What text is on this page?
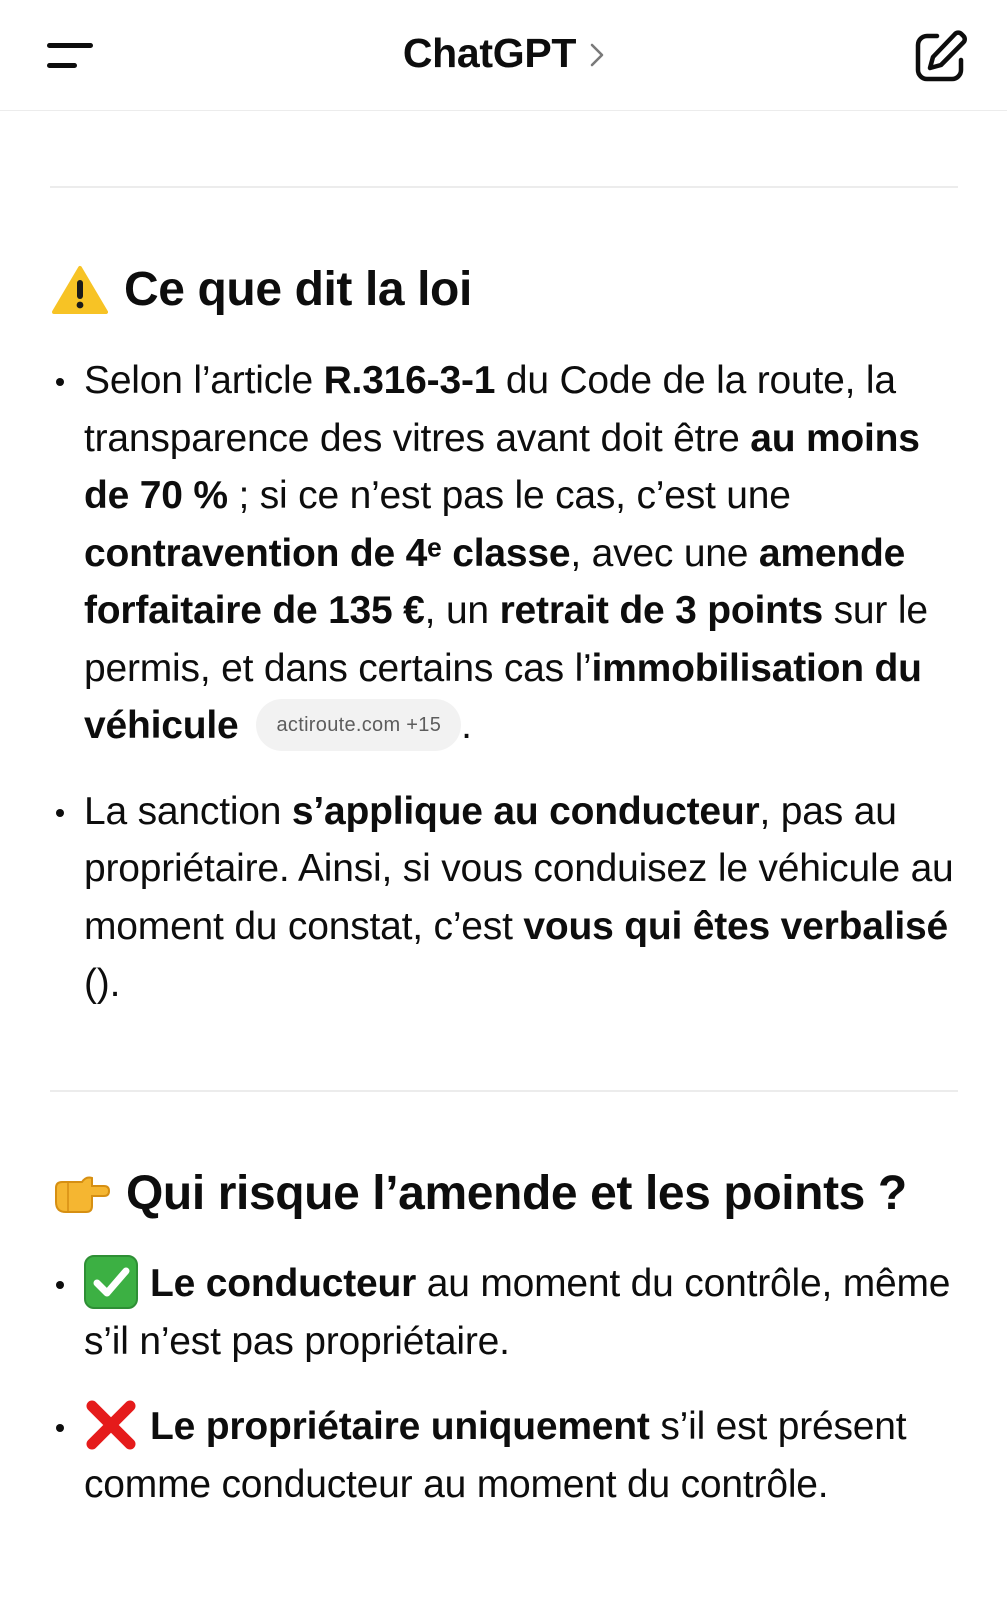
ChatGPT
Ce que dit la loi
Selon l’article R.316-3-1 du Code de la route, la transparence des vitres avant doit être au moins de 70 % ; si ce n’est pas le cas, c’est une contravention de 4ᵉ classe, avec une amende forfaitaire de 135 €, un retrait de 3 points sur le permis, et dans certains cas l’immobilisation du véhicule actiroute.com +15 .
La sanction s’applique au conducteur, pas au propriétaire. Ainsi, si vous conduisez le véhicule au moment du constat, c’est vous qui êtes verbalisé ().
Qui risque l’amende et les points ?
Le conducteur au moment du contrôle, même s’il n’est pas propriétaire.
Le propriétaire uniquement s’il est présent comme conducteur au moment du contrôle.
